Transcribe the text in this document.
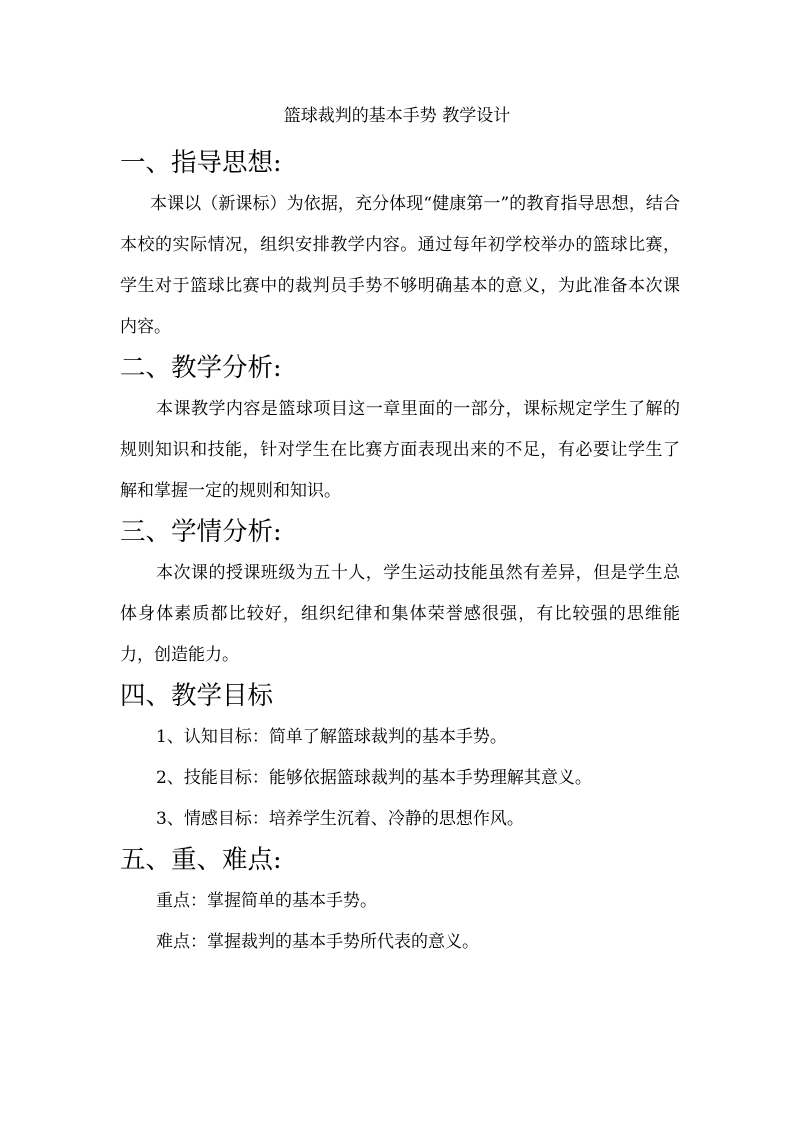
篮球裁判的基本手势 教学设计
一、指导思想:

本课以（新课标）为依据，充分体现“健康第一”的教育指导思想，结合本校的实际情况，组织安排教学内容。通过每年初学校举办的篮球比赛，学生对于篮球比赛中的裁判员手势不够明确基本的意义，为此准备本次课内容。

二、教学分析:

本课教学内容是篮球项目这一章里面的一部分，课标规定学生了解的规则知识和技能，针对学生在比赛方面表现出来的不足，有必要让学生了解和掌握一定的规则和知识。

三、学情分析:

本次课的授课班级为五十人，学生运动技能虽然有差异，但是学生总体身体素质都比较好，组织纪律和集体荣誉感很强，有比较强的思维能力，创造能力。

四、教学目标

1、认知目标：简单了解篮球裁判的基本手势。

2、技能目标：能够依据篮球裁判的基本手势理解其意义。

3、情感目标：培养学生沉着、冷静的思想作风。

五、重、难点:

重点：掌握简单的基本手势。

难点：掌握裁判的基本手势所代表的意义。
